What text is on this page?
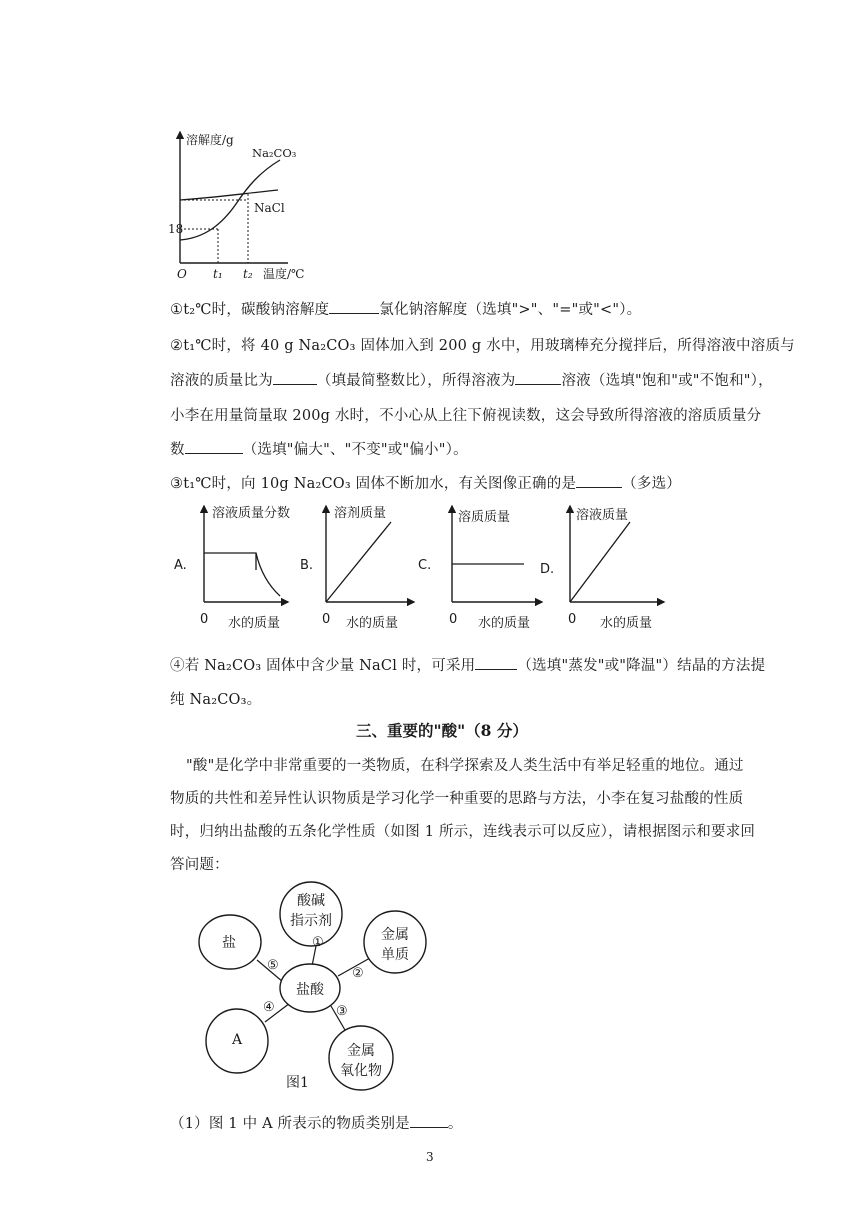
溶解度/g
Na₂CO₃
NaCl
18
O t₁ t₂ 温度/℃
①t₂℃时，碳酸钠溶解度	氯化钠溶解度（选填">"、"="或"<"）。
②t₁℃时，将 40 g Na₂CO₃ 固体加入到 200 g 水中，用玻璃棒充分搅拌后，所得溶液中溶质与
溶液的质量比为	（填最简整数比），所得溶液为	溶液（选填"饱和"或"不饱和"），
小李在用量筒量取 200g 水时，不小心从上往下俯视读数，这会导致所得溶液的溶质质量分
数	（选填"偏大"、"不变"或"偏小"）。
③t₁℃时，向 10g Na₂CO₃ 固体不断加水，有关图像正确的是	（多选）
A.
溶液质量分数
0 水的质量
B.
溶剂质量
0 水的质量
C.
溶质质量
0 水的质量
D.
溶液质量
0 水的质量
④若 Na₂CO₃ 固体中含少量 NaCl 时，可采用	（选填"蒸发"或"降温"）结晶的方法提
纯 Na₂CO₃。
三、重要的"酸"（8 分）
"酸"是化学中非常重要的一类物质，在科学探索及人类生活中有举足轻重的地位。通过
物质的共性和差异性认识物质是学习化学一种重要的思路与方法，小李在复习盐酸的性质
时，归纳出盐酸的五条化学性质（如图 1 所示，连线表示可以反应），请根据图示和要求回
答问题：
盐酸
酸碱
指示剂
金属
单质
金属
氧化物
A
盐	①
②
③
④
⑤
图1
（1）图 1 中 A 所表示的物质类别是	。
3
